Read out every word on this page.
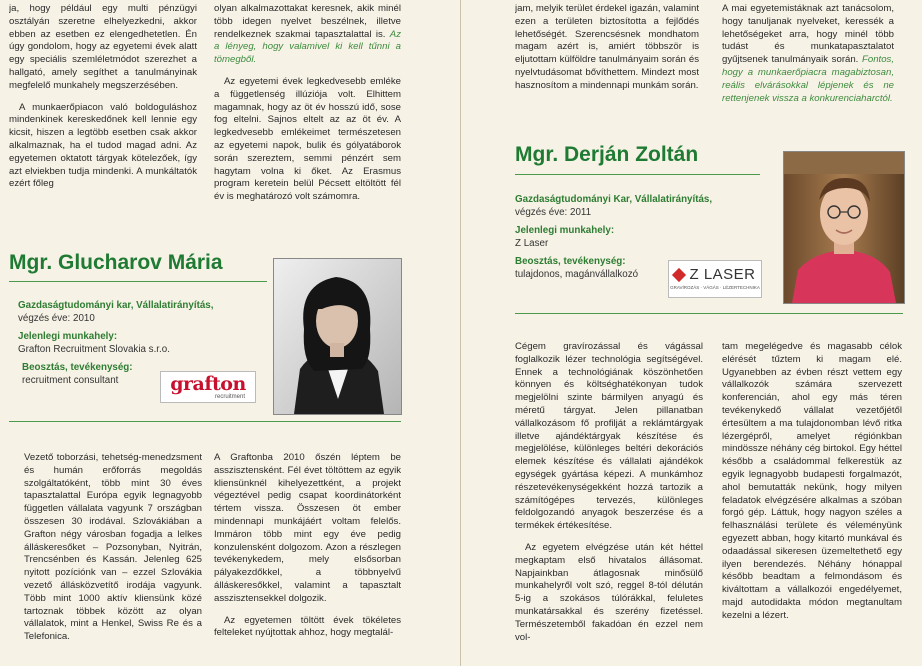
ja, hogy például egy multi pénzügyi osztályán szeretne elhelyezkedni, akkor ebben az esetben ez elengedhetetlen. Én úgy gondolom, hogy az egyetemi évek alatt egy speciális szemléletmódot szerezhet a hallgató, amely segíthet a tanulmányinak megfelelő munkahely megszerzésében.

A munkaerőpiacon való boldoguláshoz mindenkinek kereskedőnek kell lennie egy kicsit, hiszen a legtöbb esetben csak akkor alkalmaznak, ha el tudod magad adni. Az egyetemen oktatott tárgyak kötelezőek, így azt elviekben tudja mindenki. A munkáltatók ezért főleg

olyan alkalmazottakat keresnek, akik minél több idegen nyelvet beszélnek, illetve rendelkeznek szakmai tapasztalattal is. Az a lényeg, hogy valamivel ki kell tűnni a tömegből.

Az egyetemi évek legkedvesebb emléke a függetlenség illúziója volt. Elhittem magamnak, hogy az öt év hosszú idő, sose fog eltelni. Sajnos eltelt az az öt év. A legkedvesebb emlékeimet természetesen az egyetemi napok, bulik és gólyatáborok során szereztem, semmi pénzért sem hagytam volna ki őket. Az Erasmus program keretein belül Pécsett eltöltött fél év is meghatározó volt számomra.

Mgr. Glucharov Mária
Gazdaságtudományi kar, Vállalatirányítás,
végzés éve: 2010
Jelenlegi munkahely:
Grafton Recruitment Slovakia s.r.o.
Beosztás, tevékenység:
recruitment consultant	grafton
recruitment

Vezető toborzási, tehetség-menedzsment és humán erőforrás megoldás szolgáltatóként, több mint 30 éves tapasztalattal Európa egyik legnagyobb független vállalata vagyunk 7 országban összesen 30 irodával. Szlovákiában a Grafton négy városban fogadja a lelkes álláskeresőket – Pozsonyban, Nyitrán, Trencsénben és Kassán. Jelenleg 625 nyitott pozíciónk van – ezzel Szlovákia vezető állásközvetítő irodája vagyunk. Több mint 1000 aktív kliensünk közé tartoznak többek között az olyan vállalatok, mint a Henkel, Swiss Re és a Telefonica.

A Graftonba 2010 őszén léptem be asszisztensként. Fél évet töltöttem az egyik kliensünknél kihelyezettként, a projekt végeztével pedig csapat koordinátorként tértem vissza. Összesen öt ember mindennapi munkájáért voltam felelős. Immáron több mint egy éve pedig konzulensként dolgozom. Azon a részlegen tevékenykedem, mely elsősorban pályakezdőkkel, a többnyelvű álláskeresőkkel, valamint a tapasztalt asszisztensekkel dolgozik.

Az egyetemen töltött évek tökéletes felteleket nyújtottak ahhoz, hogy megtalál-

jam, melyik terület érdekel igazán, valamint ezen a területen biztosította a fejlődés lehetőségét. Szerencsésnek mondhatom magam azért is, amiért többször is eljutottam külföldre tanulmányaim során és nyelvtudásomat bővíthettem. Mindezt most hasznosítom a mindennapi munkám során.

A mai egyetemistáknak azt tanácsolom, hogy tanuljanak nyelveket, keressék a lehetőségeket arra, hogy minél több tudást és munkatapasztalatot gyűjtsenek tanulmányaik során. Fontos, hogy a munkaerőpiacra magabiztosan, reális elvárásokkal lépjenek és ne rettenjenek vissza a konkurenciaharctól.

Mgr. Derján Zoltán
Gazdaságtudományi Kar, Vállalatirányítás,
végzés éve: 2011
Jelenlegi munkahely:
Z Laser
Beosztás, tevékenység:
tulajdonos, magánvállalkozó	Z LASER
GRAVÍROZÁS · VÁGÁS · LÉZERTECHNIKA

Cégem gravírozással és vágással foglalkozik lézer technológia segítségével. Ennek a technológiának köszönhetően könnyen és költséghatékonyan tudok megjelölni szinte bármilyen anyagú és méretű tárgyat. Jelen pillanatban vállalkozásom fő profilját a reklámtárgyak illetve ajándéktárgyak készítése és megjelölése, különleges beltéri dekorációs elemek készítése és vállalati ajándékok egységek gyártása képezi. A munkámhoz részetevékenységekként hozzá tartozik a számítógépes tervezés, különleges feldolgozandó anyagok beszerzése és a termékek értékesítése.

Az egyetem elvégzése után két héttel megkaptam első hivatalos állásomat. Napjainkban átlagosnak minősülő munkahelyről volt szó, reggel 8-tól délután 5-ig a szokásos túlórákkal, feluletes munkatársakkal és szerény fizetéssel. Természetemből fakadóan én ezzel nem vol-

tam megelégedve és magasabb célok elérését tűztem ki magam elé. Ugyanebben az évben részt vettem egy vállalkozók számára szervezett konferencián, ahol egy más téren tevékenykedő vállalat vezetőjétől értesültem a ma tulajdonomban lévő ritka lézergépről, amelyet régiónkban mindössze néhány cég birtokol. Egy héttel később a családommal felkerestük az egyik legnagyobb budapesti forgalmazót, ahol bemutatták nekünk, hogy milyen feladatok elvégzésére alkalmas a szóban forgó gép. Láttuk, hogy nagyon széles a felhasználási területe és véleményünk egyezett abban, hogy kitartó munkával és odaadással sikeresen üzemeltethető egy ilyen berendezés. Néhány hónappal később beadtam a felmondásom és kiváltottam a vállalkozói engedélyemet, majd autodidakta módon megtanultam kezelni a lézert.
